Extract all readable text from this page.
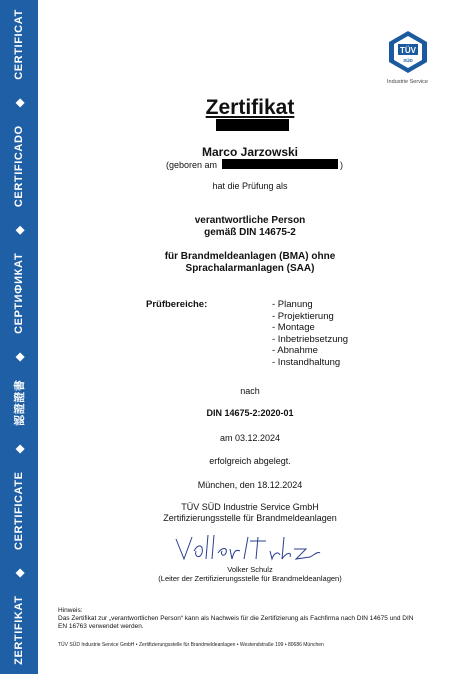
ZERTIFIKAT
◆
CERTIFICATE
◆
認證證書
◆
СЕРТИФИКАТ
◆
CERTIFICADO
◆
CERTIFICAT	TÜV
SÜD
Industrie Service
Zertifikat
Marco Jarzowski
(geboren am	)
hat die Prüfung als
verantwortliche Person
gemäß DIN 14675-2
für Brandmeldeanlagen (BMA) ohne
Sprachalarmanlagen (SAA)
Prüfbereiche:	- Planung
- Projektierung
- Montage
- Inbetriebsetzung
- Abnahme
- Instandhaltung
nach
DIN 14675-2:2020-01
am 03.12.2024
erfolgreich abgelegt.
München, den 18.12.2024
TÜV SÜD Industrie Service GmbH
Zertifizierungsstelle für Brandmeldeanlagen
Volker Schulz
(Leiter der Zertifizierungsstelle für Brandmeldeanlagen)
Hinweis:
Das Zertifikat zur „verantwortlichen Person“ kann als Nachweis für die Zertifizierung als Fachfirma nach DIN 14675 und DIN EN 16763 verwendet werden.
TÜV SÜD Industrie Service GmbH • Zertifizierungsstelle für Brandmeldeanlagen • Westendstraße 199 • 80686 München
